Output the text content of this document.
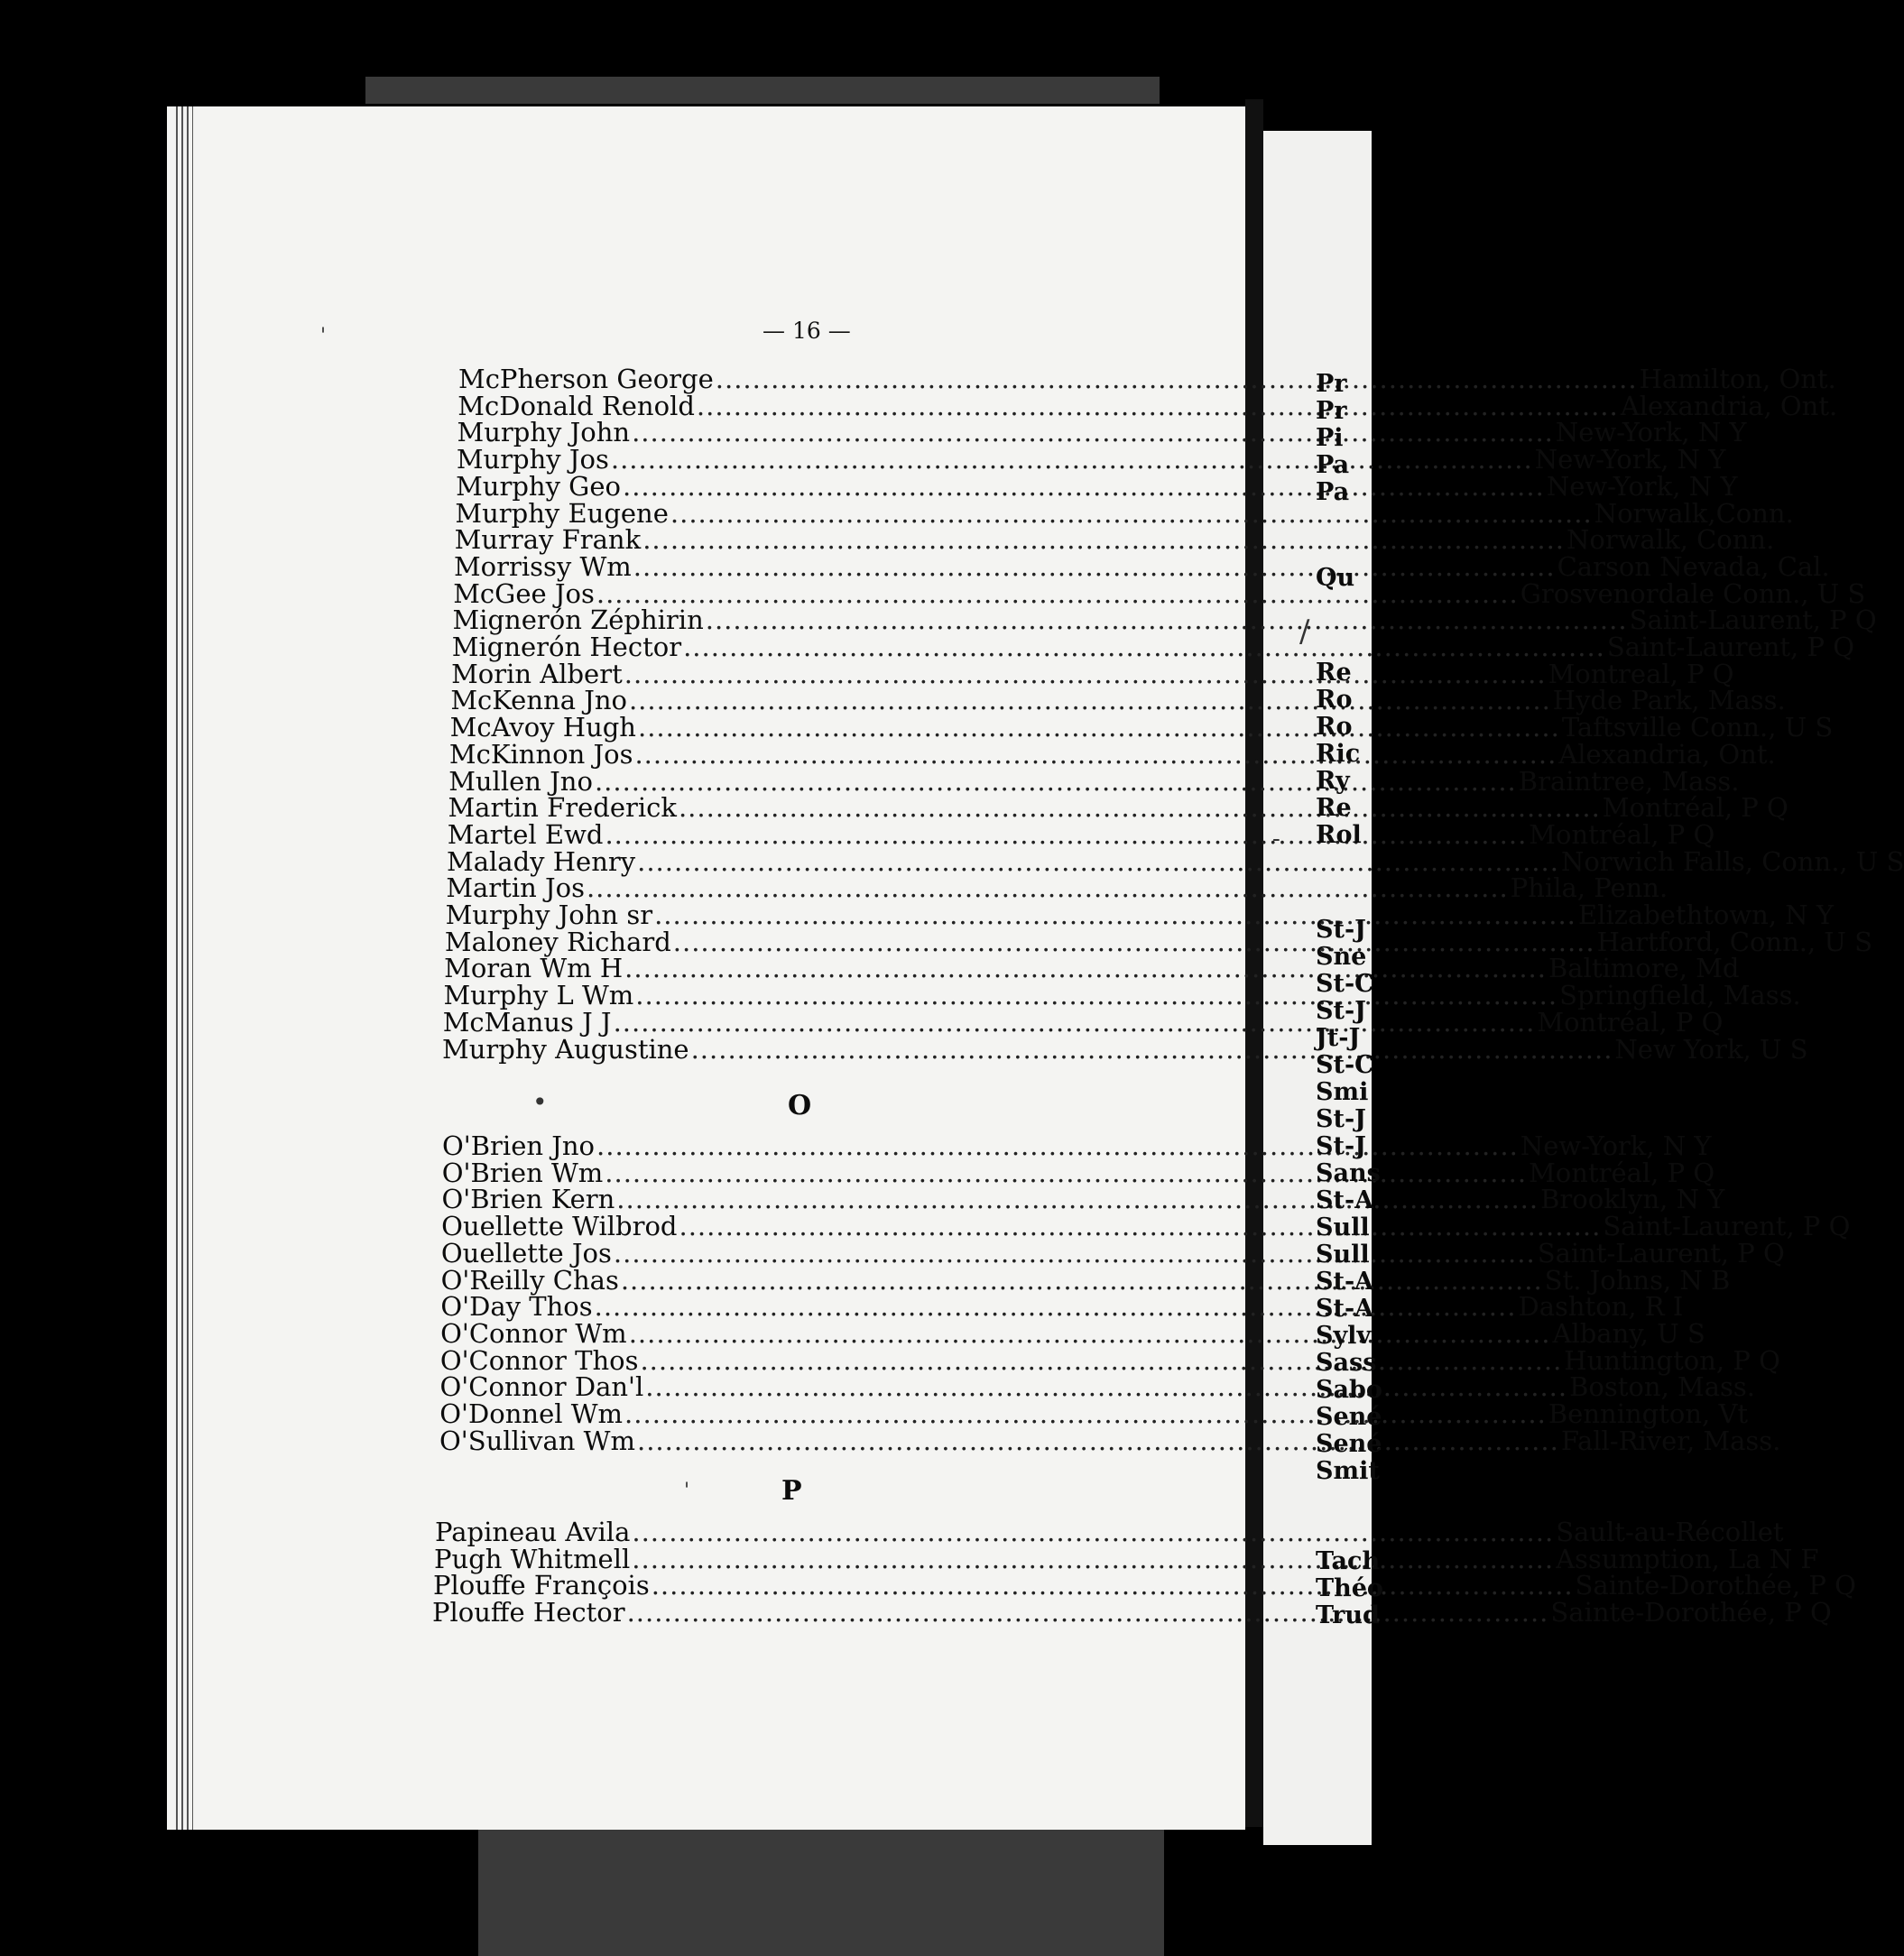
— 16 —
McPherson George .....	Hamilton, Ont.
McDonald Renold .....	Alexandria, Ont.
Murphy John .....	New-York, N Y
Murphy Jos .....	New-York, N Y
Murphy Geo .....	New-York, N Y
Murphy Eugene .....	Norwalk,Conn.
Murray Frank .....	Norwalk, Conn.
Morrissy Wm .....	Carson Nevada, Cal.
McGee Jos .....	Grosvenordale Conn., U S
Mignerón Zéphirin .....	Saint-Laurent, P Q
Mignerón Hector .....	Saint-Laurent, P Q
Morin Albert .....	Montreal, P Q
McKenna Jno .....	Hyde Park, Mass.
McAvoy Hugh .....	Taftsville Conn., U S
McKinnon Jos .....	Alexandria, Ont.
Mullen Jno .....	Braintree, Mass.
Martin Frederick .....	Montréal, P Q
Martel Ewd .....	Montréal, P Q
Malady Henry .....	Norwich Falls, Conn., U S
Martin Jos .....	Phila, Penn.
Murphy John sr .....	Elizabethtown, N Y
Maloney Richard .....	Hartford, Conn., U S
Moran Wm H .....	Baltimore, Md
Murphy L Wm .....	Springfield, Mass.
McManus J J .....	Montréal, P Q
Murphy Augustine .....	New York, U S
O
O'Brien Jno .....	New-York, N Y
O'Brien Wm .....	Montréal, P Q
O'Brien Kern .....	Brooklyn, N Y
Ouellette Wilbrod .....	Saint-Laurent, P Q
Ouellette Jos .....	Saint-Laurent, P Q
O'Reilly Chas .....	St. Johns, N B
O'Day Thos .....	Dashton, R I
O'Connor Wm .....	Albany, U S
O'Connor Thos .....	Huntington, P Q
O'Connor Dan'l .....	Boston, Mass.
O'Donnel Wm .....	Bennington, Vt
O'Sullivan Wm .....	Fall-River, Mass.
P
Papineau Avila .....	Sault-au-Récollet
Pugh Whitmell .....	Assumption, La N F
Plouffe François .....	Sainte-Dorothée, P Q
Plouffe Hector .....	Sainte-Dorothée, P Q
Pr
Pr
Pi
Pa
Pa
Qu
Re
Ro
Ro
Ric
Ry
Re
Rol
St-J
Sne
St-C
St-J
Jt-J
St-C
Smi
St-J
St-J
Sans
St-A
Sull
Sull
St-A
St-A
Sylv
Sass
Sabo
Sené
Sené
Smit
Tach
Théo
Trud
'
•
'
/
-
